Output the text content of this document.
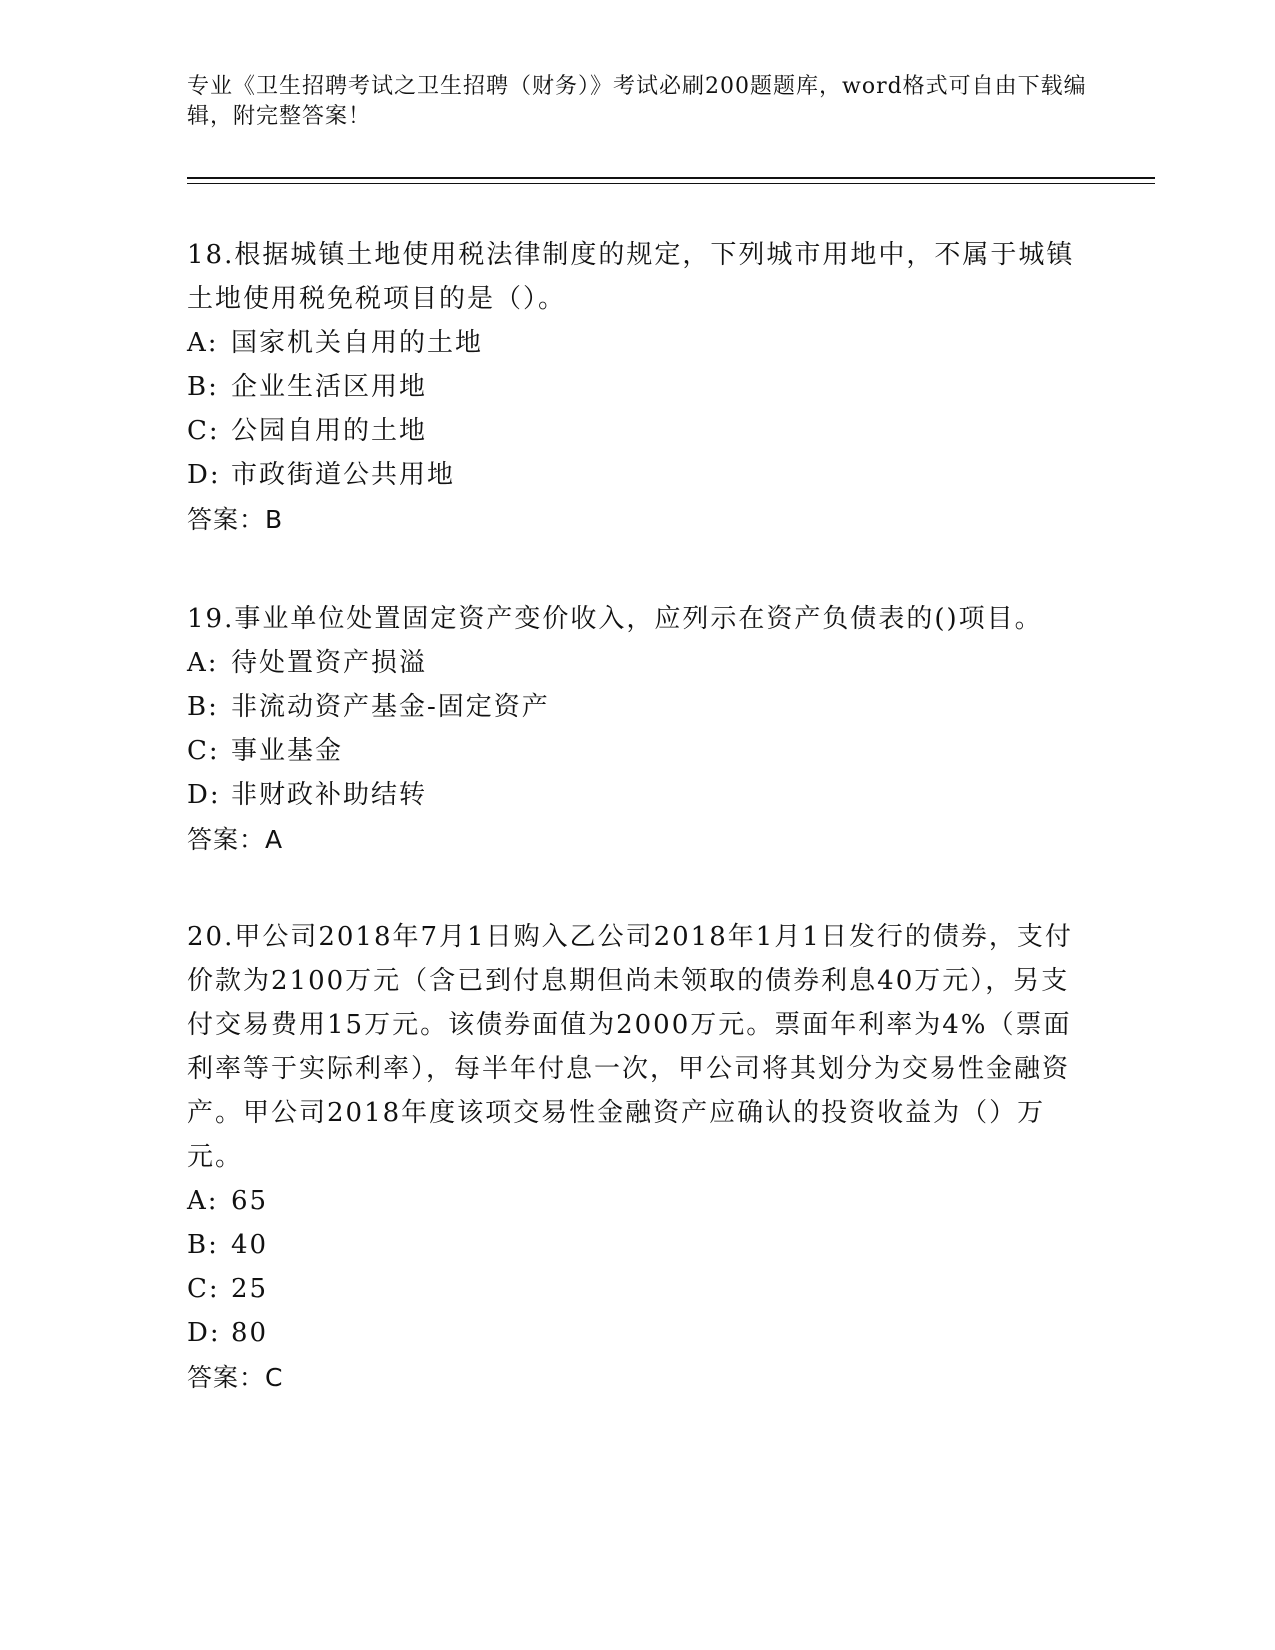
专业《卫生招聘考试之卫生招聘（财务）》考试必刷200题题库，word格式可自由下载编辑，附完整答案！

18.根据城镇土地使用税法律制度的规定，下列城市用地中，不属于城镇土地使用税免税项目的是（）。

A: 国家机关自用的土地

B: 企业生活区用地

C: 公园自用的土地

D: 市政街道公共用地

答案：B

19.事业单位处置固定资产变价收入，应列示在资产负债表的()项目。

A: 待处置资产损溢

B: 非流动资产基金-固定资产

C: 事业基金

D: 非财政补助结转

答案：A

20.甲公司2018年7月1日购入乙公司2018年1月1日发行的债券，支付价款为2100万元（含已到付息期但尚未领取的债券利息40万元），另支付交易费用15万元。该债券面值为2000万元。票面年利率为4%（票面利率等于实际利率），每半年付息一次，甲公司将其划分为交易性金融资产。甲公司2018年度该项交易性金融资产应确认的投资收益为（）万元。

A: 65

B: 40

C: 25

D: 80

答案：C
